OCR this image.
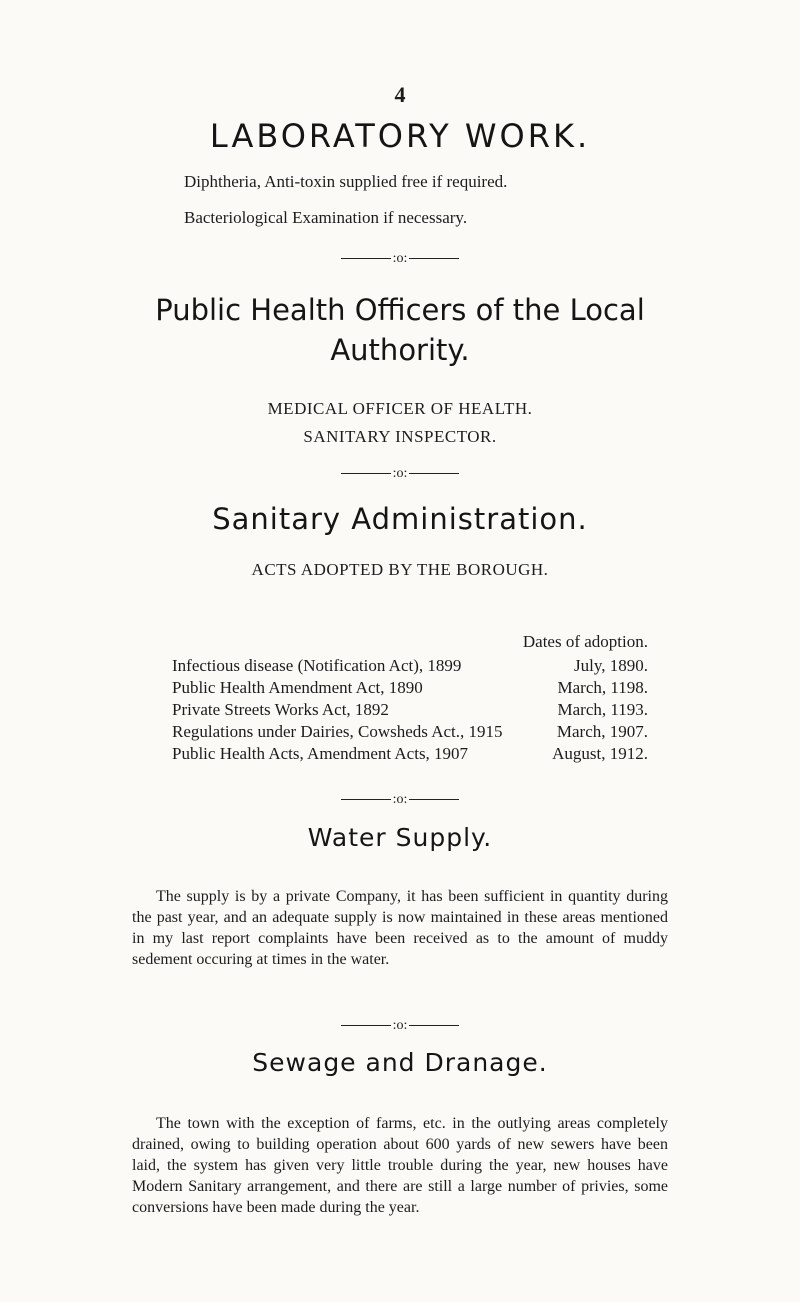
4
LABORATORY WORK.
Diphtheria, Anti-toxin supplied free if required.
Bacteriological Examination if necessary.
:o:
Public Health Officers of the Local
Authority.
MEDICAL OFFICER OF HEALTH.
SANITARY INSPECTOR.
:o:
Sanitary Administration.
ACTS ADOPTED BY THE BOROUGH.
Dates of adoption.
Infectious disease (Notification Act), 1899	July, 1890.
Public Health Amendment Act, 1890	March, 1198.
Private Streets Works Act, 1892	March, 1193.
Regulations under Dairies, Cowsheds Act., 1915	March, 1907.
Public Health Acts, Amendment Acts, 1907	August, 1912.
:o:
Water Supply.

The supply is by a private Company, it has been sufficient in quantity during the past year, and an adequate supply is now maintained in these areas mentioned in my last report complaints have been received as to the amount of muddy sedement occuring at times in the water.

:o:
Sewage and Dranage.

The town with the exception of farms, etc. in the outlying areas completely drained, owing to building operation about 600 yards of new sewers have been laid, the system has given very little trouble during the year, new houses have Modern Sanitary arrangement, and there are still a large number of privies, some conversions have been made during the year.
